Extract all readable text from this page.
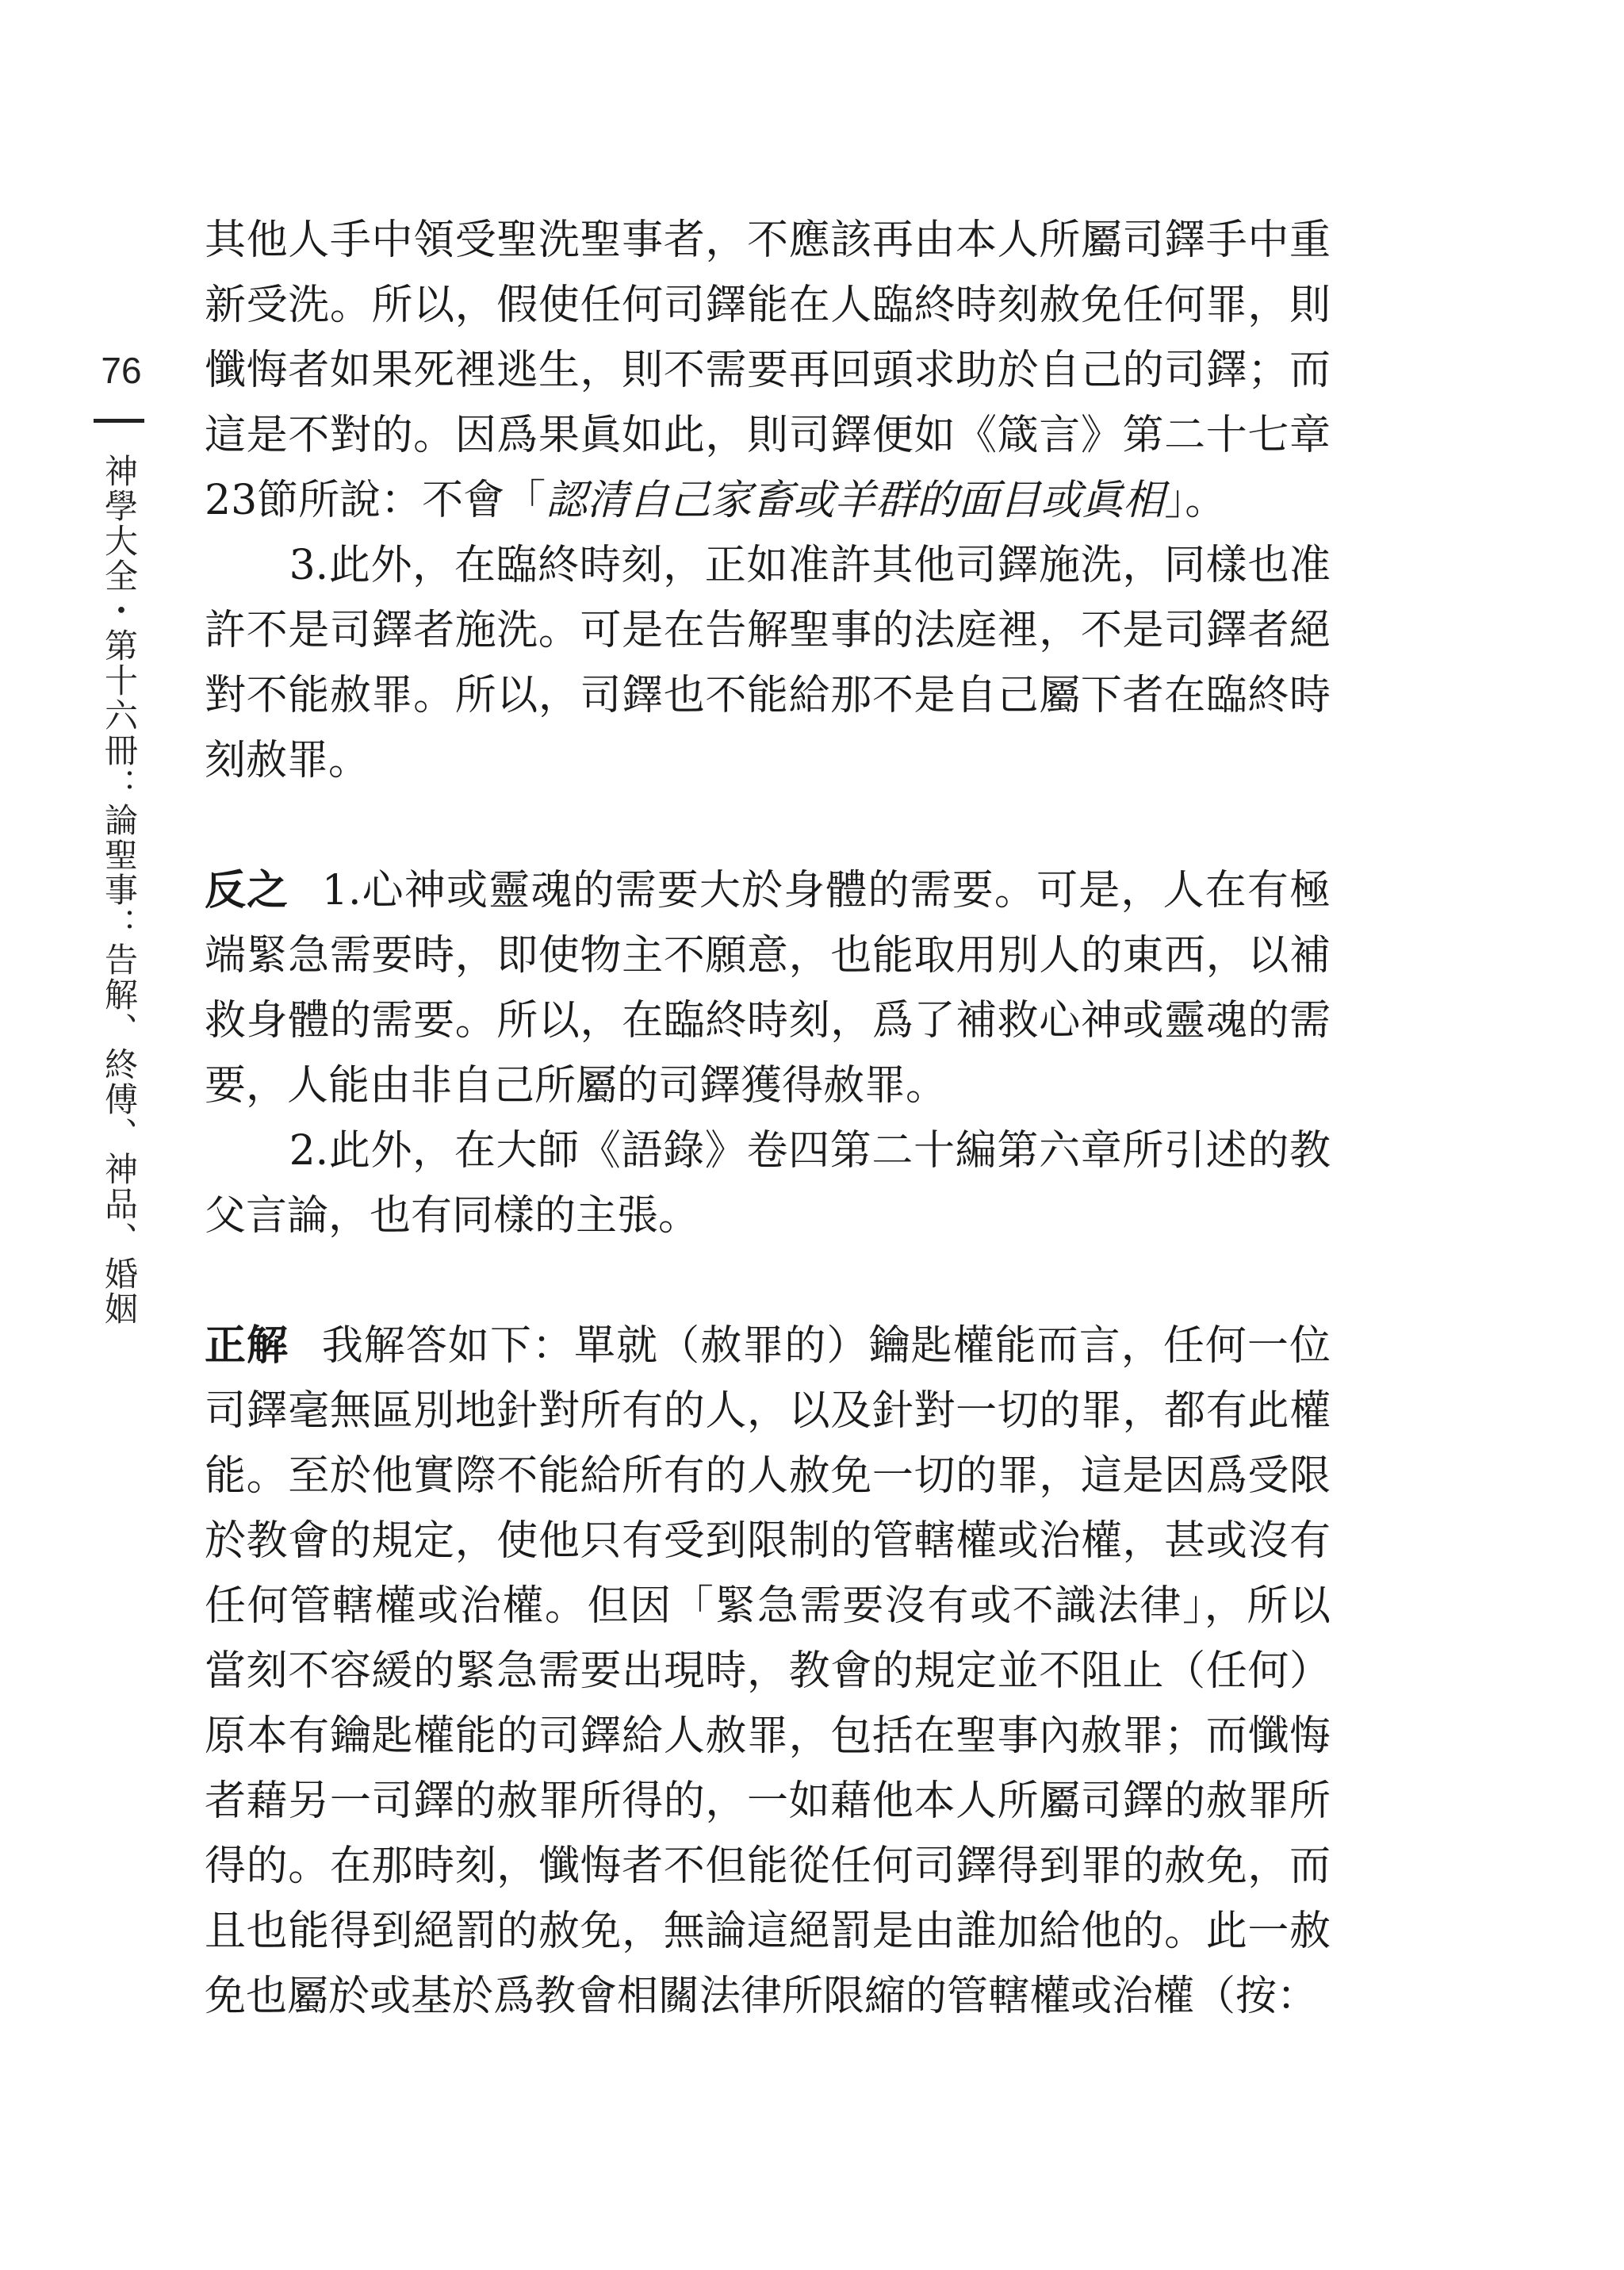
76
神學大全・第十六冊：論聖事：告解、終傅、神品、婚姻

其他人手中領受聖洗聖事者，不應該再由本人所屬司鐸手中重新受洗。所以，假使任何司鐸能在人臨終時刻赦免任何罪，則懺悔者如果死裡逃生，則不需要再回頭求助於自己的司鐸；而這是不對的。因爲果眞如此，則司鐸便如《箴言》第二十七章23節所說：不會「認清自己家畜或羊群的面目或眞相」。

3.此外，在臨終時刻，正如准許其他司鐸施洗，同樣也准許不是司鐸者施洗。可是在告解聖事的法庭裡，不是司鐸者絕對不能赦罪。所以，司鐸也不能給那不是自己屬下者在臨終時刻赦罪。

反之 1.心神或靈魂的需要大於身體的需要。可是，人在有極端緊急需要時，即使物主不願意，也能取用別人的東西，以補救身體的需要。所以，在臨終時刻，爲了補救心神或靈魂的需要，人能由非自己所屬的司鐸獲得赦罪。

2.此外，在大師《語錄》卷四第二十編第六章所引述的教父言論，也有同樣的主張。

正解 我解答如下：單就（赦罪的）鑰匙權能而言，任何一位司鐸毫無區別地針對所有的人，以及針對一切的罪，都有此權能。至於他實際不能給所有的人赦免一切的罪，這是因爲受限於教會的規定，使他只有受到限制的管轄權或治權，甚或沒有任何管轄權或治權。但因「緊急需要沒有或不識法律」，所以當刻不容緩的緊急需要出現時，教會的規定並不阻止（任何）原本有鑰匙權能的司鐸給人赦罪，包括在聖事內赦罪；而懺悔者藉另一司鐸的赦罪所得的，一如藉他本人所屬司鐸的赦罪所得的。在那時刻，懺悔者不但能從任何司鐸得到罪的赦免，而且也能得到絕罰的赦免，無論這絕罰是由誰加給他的。此一赦免也屬於或基於爲教會相關法律所限縮的管轄權或治權（按：
